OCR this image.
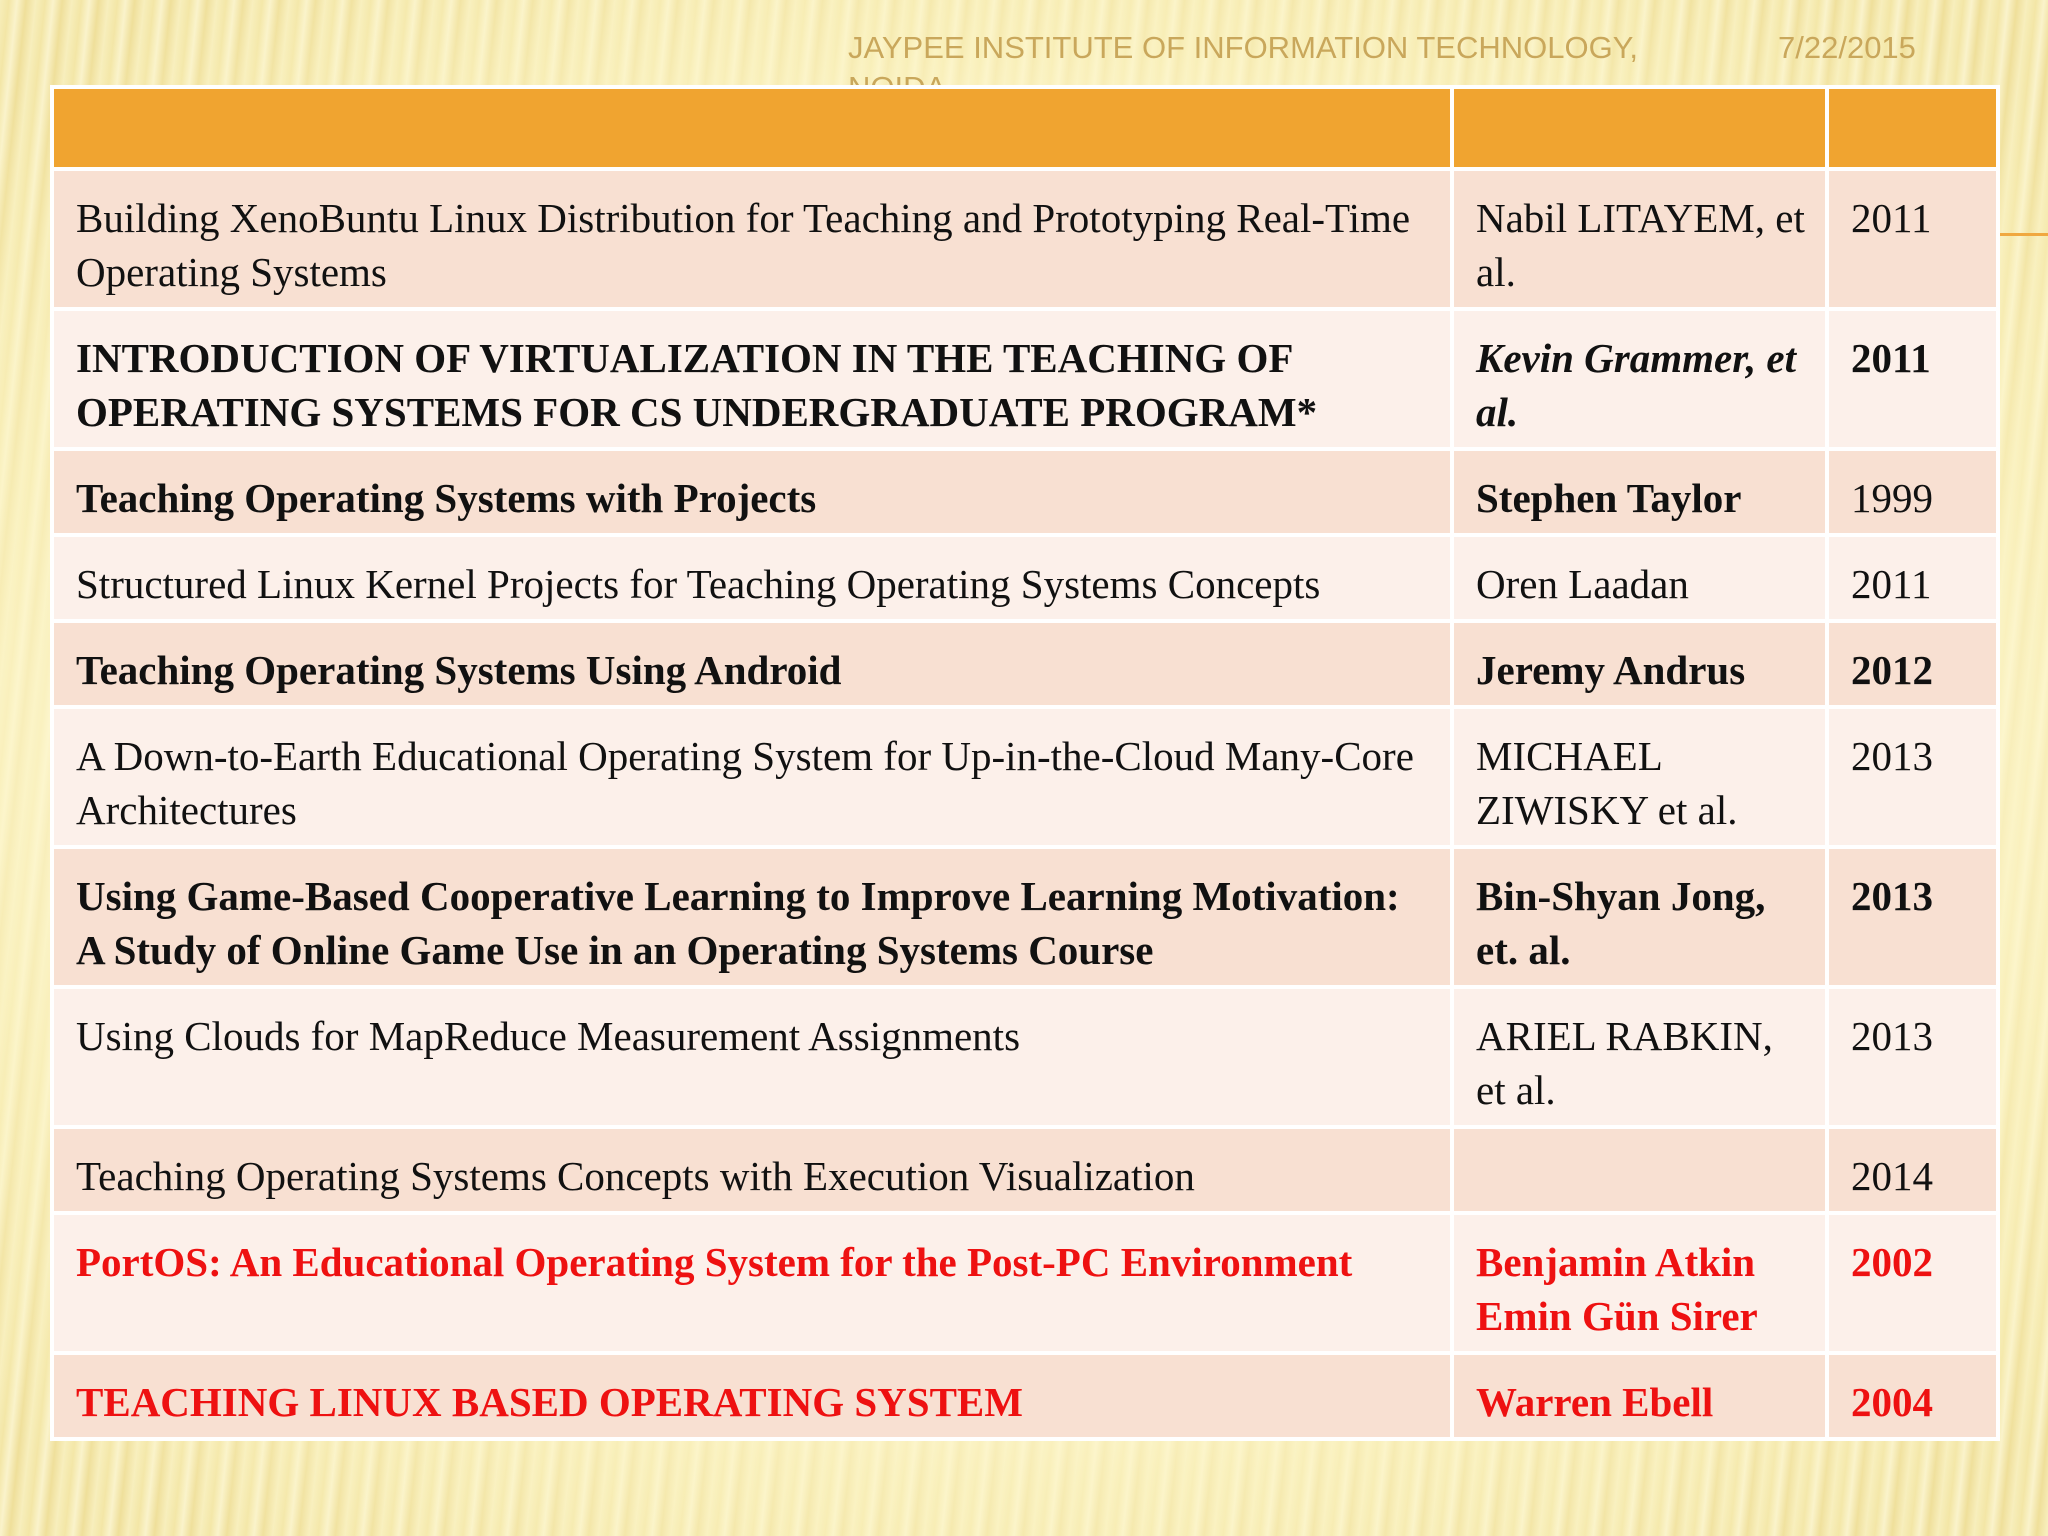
JAYPEE INSTITUTE OF INFORMATION TECHNOLOGY,	7/22/2015

Building XenoBuntu Linux Distribution for Teaching and Prototyping Real-Time Operating Systems	Nabil LITAYEM, et al.	2011
INTRODUCTION OF VIRTUALIZATION IN THE TEACHING OF OPERATING SYSTEMS FOR CS UNDERGRADUATE PROGRAM*	Kevin Grammer, et al.	2011
Teaching Operating Systems with Projects	Stephen Taylor	1999
Structured Linux Kernel Projects for Teaching Operating Systems Concepts	Oren Laadan	2011
Teaching Operating Systems Using Android	Jeremy Andrus	2012
A Down-to-Earth Educational Operating System for Up-in-the-Cloud Many-Core Architectures	MICHAEL ZIWISKY et al.	2013
Using Game-Based Cooperative Learning to Improve Learning Motivation: A Study of Online Game Use in an Operating Systems Course	Bin-Shyan Jong, et. al.	2013
Using Clouds for MapReduce Measurement Assignments	ARIEL RABKIN, et al.	2013
Teaching Operating Systems Concepts with Execution Visualization		2014
PortOS: An Educational Operating System for the Post-PC Environment	Benjamin Atkin Emin Gün Sirer	2002
TEACHING LINUX BASED OPERATING SYSTEM	Warren Ebell	2004
